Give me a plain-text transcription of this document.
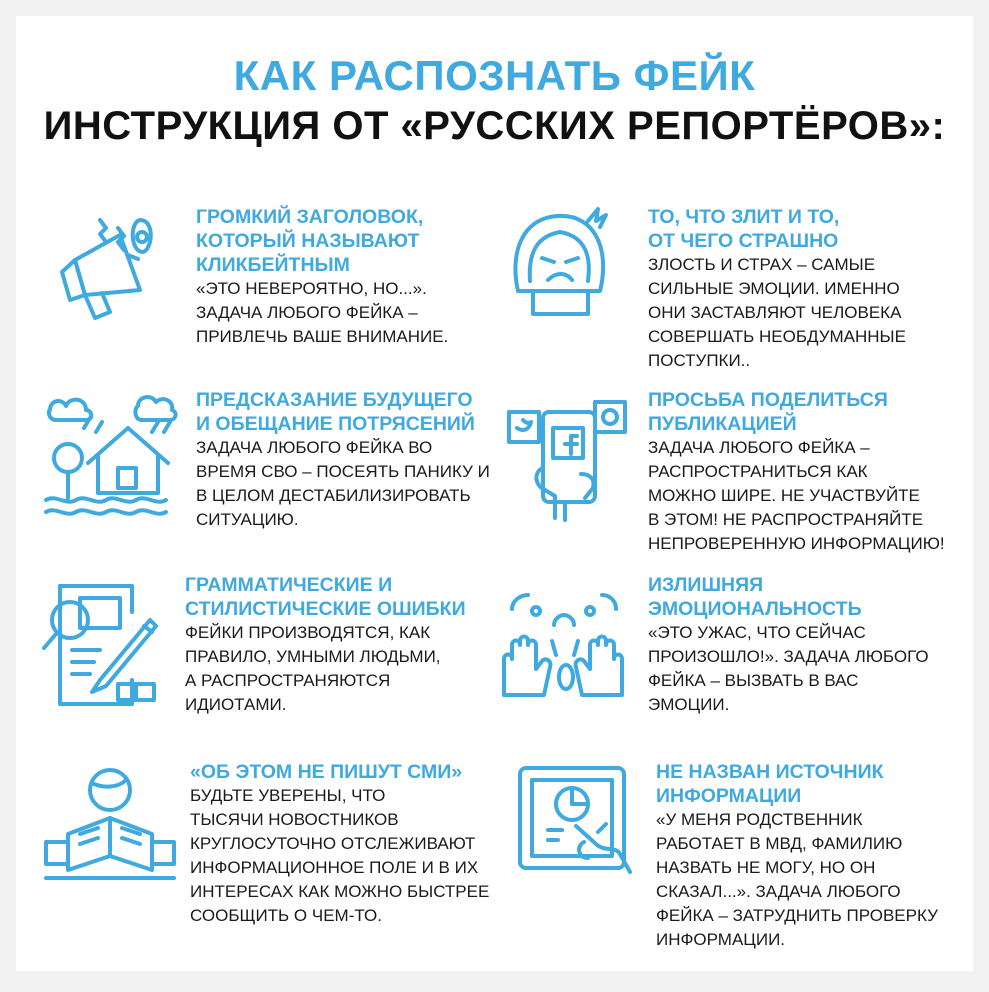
КАК РАСПОЗНАТЬ ФЕЙК
ИНСТРУКЦИЯ ОТ «РУССКИХ РЕПОРТЁРОВ»:
ГРОМКИЙ ЗАГОЛОВОК,
КОТОРЫЙ НАЗЫВАЮТ
КЛИКБЕЙТНЫМ
«ЭТО НЕВЕРОЯТНО, НО...».
ЗАДАЧА ЛЮБОГО ФЕЙКА –
ПРИВЛЕЧЬ ВАШЕ ВНИМАНИЕ.
ТО, ЧТО ЗЛИТ И ТО,
ОТ ЧЕГО СТРАШНО
ЗЛОСТЬ И СТРАХ – САМЫЕ
СИЛЬНЫЕ ЭМОЦИИ. ИМЕННО
ОНИ ЗАСТАВЛЯЮТ ЧЕЛОВЕКА
СОВЕРШАТЬ НЕОБДУМАННЫЕ
ПОСТУПКИ..
ПРЕДСКАЗАНИЕ БУДУЩЕГО
И ОБЕЩАНИЕ ПОТРЯСЕНИЙ
ЗАДАЧА ЛЮБОГО ФЕЙКА ВО
ВРЕМЯ СВО – ПОСЕЯТЬ ПАНИКУ И
В ЦЕЛОМ ДЕСТАБИЛИЗИРОВАТЬ
СИТУАЦИЮ.
ПРОСЬБА ПОДЕЛИТЬСЯ
ПУБЛИКАЦИЕЙ
ЗАДАЧА ЛЮБОГО ФЕЙКА –
РАСПРОСТРАНИТЬСЯ КАК
МОЖНО ШИРЕ. НЕ УЧАСТВУЙТЕ
В ЭТОМ! НЕ РАСПРОСТРАНЯЙТЕ
НЕПРОВЕРЕННУЮ ИНФОРМАЦИЮ!
ГРАММАТИЧЕСКИЕ И
СТИЛИСТИЧЕСКИЕ ОШИБКИ
ФЕЙКИ ПРОИЗВОДЯТСЯ, КАК
ПРАВИЛО, УМНЫМИ ЛЮДЬМИ,
А РАСПРОСТРАНЯЮТСЯ
ИДИОТАМИ.
ИЗЛИШНЯЯ
ЭМОЦИОНАЛЬНОСТЬ
«ЭТО УЖАС, ЧТО СЕЙЧАС
ПРОИЗОШЛО!». ЗАДАЧА ЛЮБОГО
ФЕЙКА – ВЫЗВАТЬ В ВАС
ЭМОЦИИ.
«ОБ ЭТОМ НЕ ПИШУТ СМИ»
БУДЬТЕ УВЕРЕНЫ, ЧТО
ТЫСЯЧИ НОВОСТНИКОВ
КРУГЛОСУТОЧНО ОТСЛЕЖИВАЮТ
ИНФОРМАЦИОННОЕ ПОЛЕ И В ИХ
ИНТЕРЕСАХ КАК МОЖНО БЫСТРЕЕ
СООБЩИТЬ О ЧЕМ-ТО.
НЕ НАЗВАН ИСТОЧНИК
ИНФОРМАЦИИ
«У МЕНЯ РОДСТВЕННИК
РАБОТАЕТ В МВД, ФАМИЛИЮ
НАЗВАТЬ НЕ МОГУ, НО ОН
СКАЗАЛ...». ЗАДАЧА ЛЮБОГО
ФЕЙКА – ЗАТРУДНИТЬ ПРОВЕРКУ
ИНФОРМАЦИИ.
